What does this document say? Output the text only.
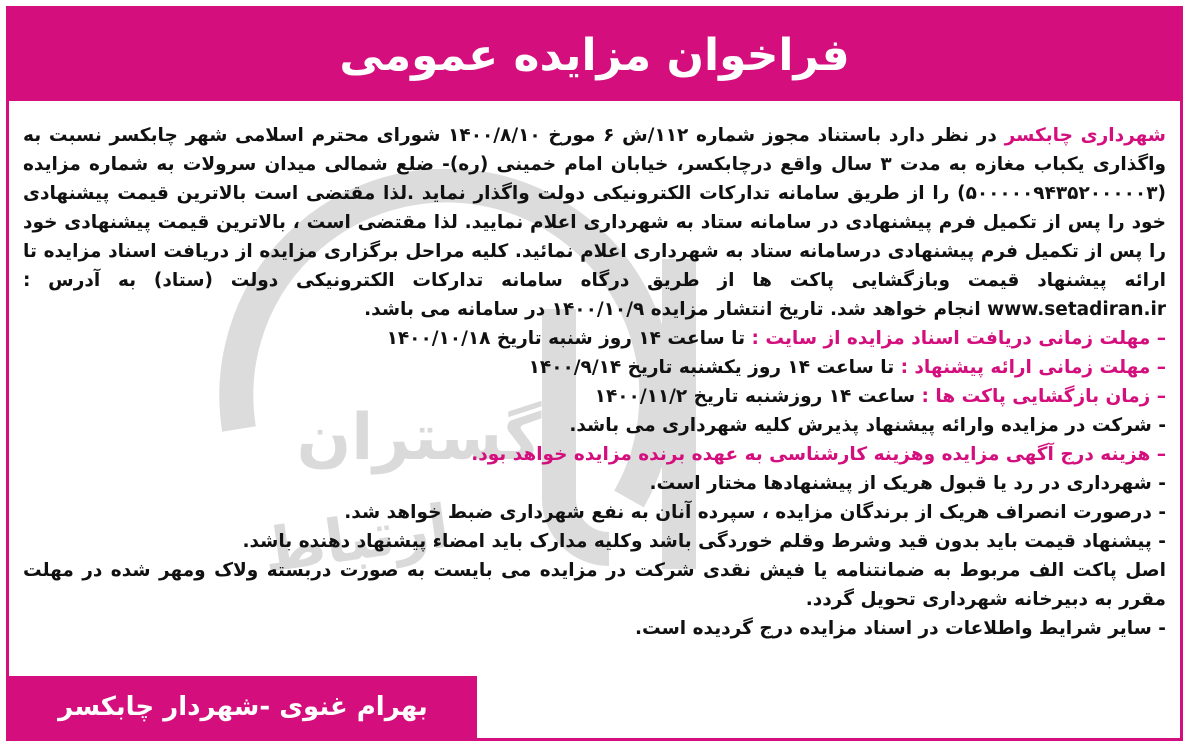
فراخوان مزایده عمومی
گستران
ارتباط

شهرداری چابکسر در نظر دارد باستناد مجوز شماره ۱۱۲/ش ۶ مورخ ۱۴۰۰/۸/۱۰ شورای محترم اسلامی شهر چابکسر نسبت به واگذاری یکباب مغازه به مدت ۳ سال واقع درچابکسر، خیابان امام خمینی (ره)- ضلع شمالی میدان سرولات به شماره مزایده (۵۰۰۰۰۰۹۴۳۵۲۰۰۰۰۰۳) را از طریق سامانه تدارکات الکترونیکی دولت واگذار نماید .لذا مقتضی است بالاترین قیمت پیشنهادی خود را پس از تکمیل فرم پیشنهادی در سامانه ستاد به شهرداری اعلام نمایید. لذا مقتضی است ، بالاترین قیمت پیشنهادی خود را پس از تکمیل فرم پیشنهادی درسامانه ستاد به شهرداری اعلام نمائید. کلیه مراحل برگزاری مزایده از دریافت اسناد مزایده تا ارائه پیشنهاد قیمت وبازگشایی پاکت ها از طریق درگاه سامانه تدارکات الکترونیکی دولت (ستاد) به آدرس : www.setadiran.ir انجام خواهد شد. تاریخ انتشار مزایده ۱۴۰۰/۱۰/۹ در سامانه می باشد.

– مهلت زمانی دریافت اسناد مزایده از سایت : تا ساعت ۱۴ روز شنبه تاریخ ۱۴۰۰/۱۰/۱۸

– مهلت زمانی ارائه پیشنهاد : تا ساعت ۱۴ روز یکشنبه تاریخ ۱۴۰۰/۹/۱۴

– زمان بازگشایی پاکت ها : ساعت ۱۴ روزشنبه تاریخ ۱۴۰۰/۱۱/۲

- شرکت در مزایده وارائه پیشنهاد پذیرش کلیه شهرداری می باشد.

– هزینه درج آگهی مزایده وهزینه کارشناسی به عهده برنده مزایده خواهد بود.

- شهرداری در رد یا قبول هریک از پیشنهادها مختار است.

- درصورت انصراف هریک از برندگان مزایده ، سپرده آنان به نفع شهرداری ضبط خواهد شد.

- پیشنهاد قیمت باید بدون قید وشرط وقلم خوردگی باشد وکلیه مدارک باید امضاء پیشنهاد دهنده باشد.

اصل پاکت الف مربوط به ضمانتنامه یا فیش نقدی شرکت در مزایده می بایست به صورت دربسته ولاک ومهر شده در مهلت مقرر به دبیرخانه شهرداری تحویل گردد.

- سایر شرایط واطلاعات در اسناد مزایده درج گردیده است.

بهرام غنوی -شهردار چابکسر
